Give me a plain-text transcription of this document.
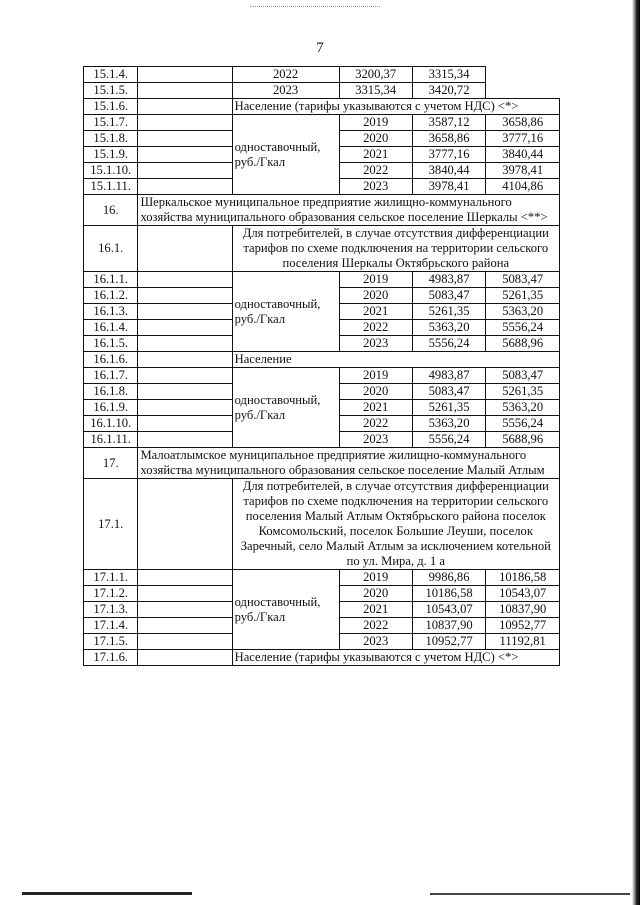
7
15.1.4.		2022	3200,37	3315,34	
15.1.5.		2023	3315,34	3420,72	
15.1.6.		Население (тарифы указываются с учетом НДС) <*>			
15.1.7.		одноставочный, руб./Гкал	2019	3587,12	3658,86
15.1.8.			2020	3658,86	3777,16
15.1.9.			2021	3777,16	3840,44
15.1.10.			2022	3840,44	3978,41
15.1.11.			2023	3978,41	4104,86
16.	Шеркальское муниципальное предприятие жилищно-коммунального хозяйства муниципального образования сельское поселение Шеркалы <**>				
16.1.		Для потребителей, в случае отсутствия дифференциации тарифов по схеме подключения на территории сельского поселения Шеркалы Октябрьского района			
16.1.1.		одноставочный, руб./Гкал	2019	4983,87	5083,47
16.1.2.			2020	5083,47	5261,35
16.1.3.			2021	5261,35	5363,20
16.1.4.			2022	5363,20	5556,24
16.1.5.			2023	5556,24	5688,96
16.1.6.		Население			
16.1.7.		одноставочный, руб./Гкал	2019	4983,87	5083,47
16.1.8.			2020	5083,47	5261,35
16.1.9.			2021	5261,35	5363,20
16.1.10.			2022	5363,20	5556,24
16.1.11.			2023	5556,24	5688,96
17.	Малоатлымское муниципальное предприятие жилищно-коммунального хозяйства муниципального образования сельское поселение Малый Атлым				
17.1.		Для потребителей, в случае отсутствия дифференциации тарифов по схеме подключения на территории сельского поселения Малый Атлым Октябрьского района поселок Комсомольский, поселок Большие Леуши, поселок Заречный, село Малый Атлым за исключением котельной по ул. Мира, д. 1 а			
17.1.1.		одноставочный, руб./Гкал	2019	9986,86	10186,58
17.1.2.			2020	10186,58	10543,07
17.1.3.			2021	10543,07	10837,90
17.1.4.			2022	10837,90	10952,77
17.1.5.			2023	10952,77	11192,81
17.1.6.		Население (тарифы указываются с учетом НДС) <*>			
